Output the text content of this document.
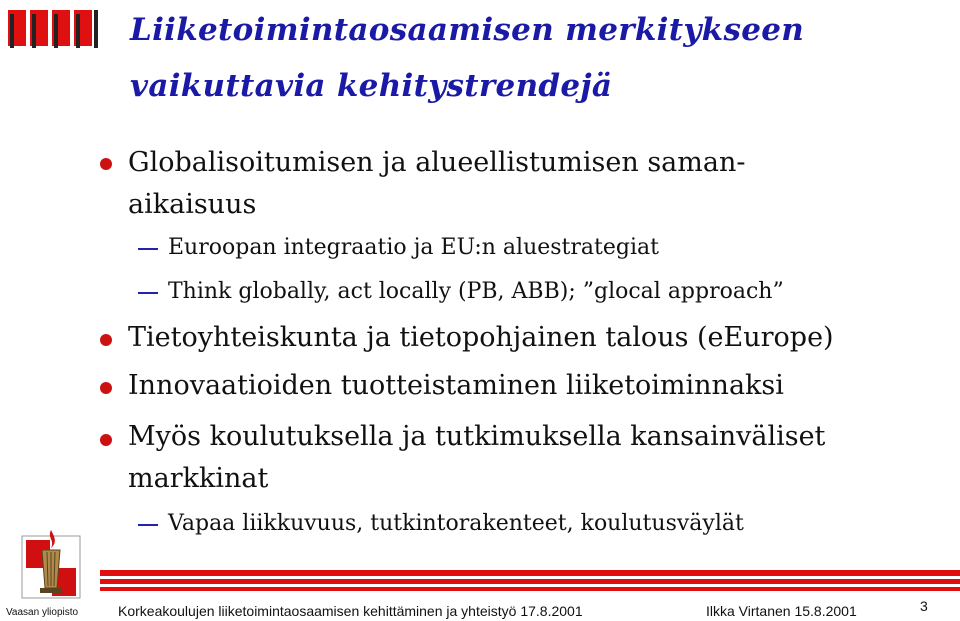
Liiketoimintaosaamisen merkitykseen
vaikuttavia kehitystrendejä
Globalisoitumisen ja alueellistumisen saman-
aikaisuus
Euroopan integraatio ja EU:n aluestrategiat
Think globally, act locally (PB, ABB); ”glocal approach”
Tietoyhteiskunta ja tietopohjainen talous (eEurope)
Innovaatioiden tuotteistaminen liiketoiminnaksi
Myös koulutuksella ja tutkimuksella kansainväliset
markkinat
Vapaa liikkuvuus, tutkintorakenteet, koulutusväylät
Vaasan yliopisto	Korkeakoulujen liiketoimintaosaamisen kehittäminen ja yhteistyö 17.8.2001	Ilkka Virtanen 15.8.2001	3
